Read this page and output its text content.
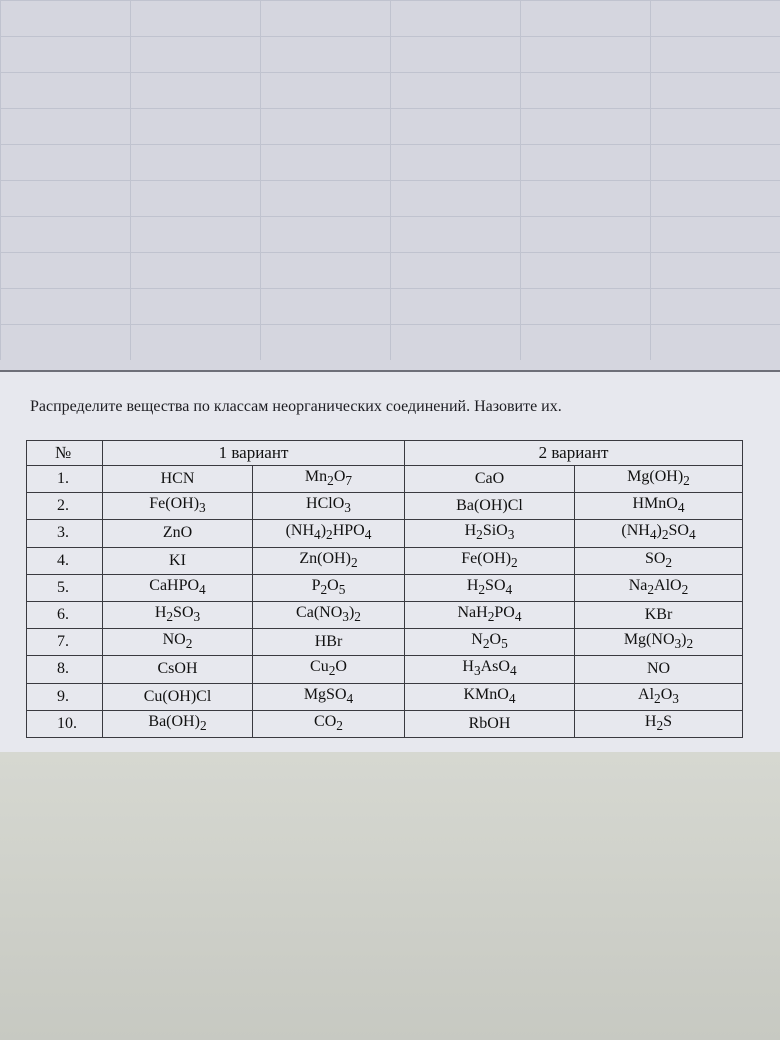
Распределите вещества по классам неорганических соединений. Назовите их.
№	1 вариант		2 вариант	
1.	HCN	$Mn_2O_7$	CaO	$Mg(OH)_2$
2.	$Fe(OH)_3$	HClO$_3$	Ba(OH)Cl	HMnO$_4$
3.	ZnO	$(NH_4)_2HPO_4$	$H_2SiO_3$	$(NH_4)_2SO_4$
4.	KI	$Zn(OH)_2$	$Fe(OH)_2$	$SO_2$
5.	CaHPO$_4$	$P_2O_5$	$H_2SO_4$	$Na_2AlO_2$
6.	$H_2SO_3$	$Ca(NO_3)_2$	$NaH_2PO_4$	KBr
7.	$NO_2$	HBr	$N_2O_5$	$Mg(NO_3)_2$
8.	CsOH	$Cu_2O$	$H_3AsO_4$	NO
9.	Cu(OH)Cl	MgSO$_4$	KMnO$_4$	$Al_2O_3$
10.	$Ba(OH)_2$	$CO_2$	RbOH	$H_2S$
